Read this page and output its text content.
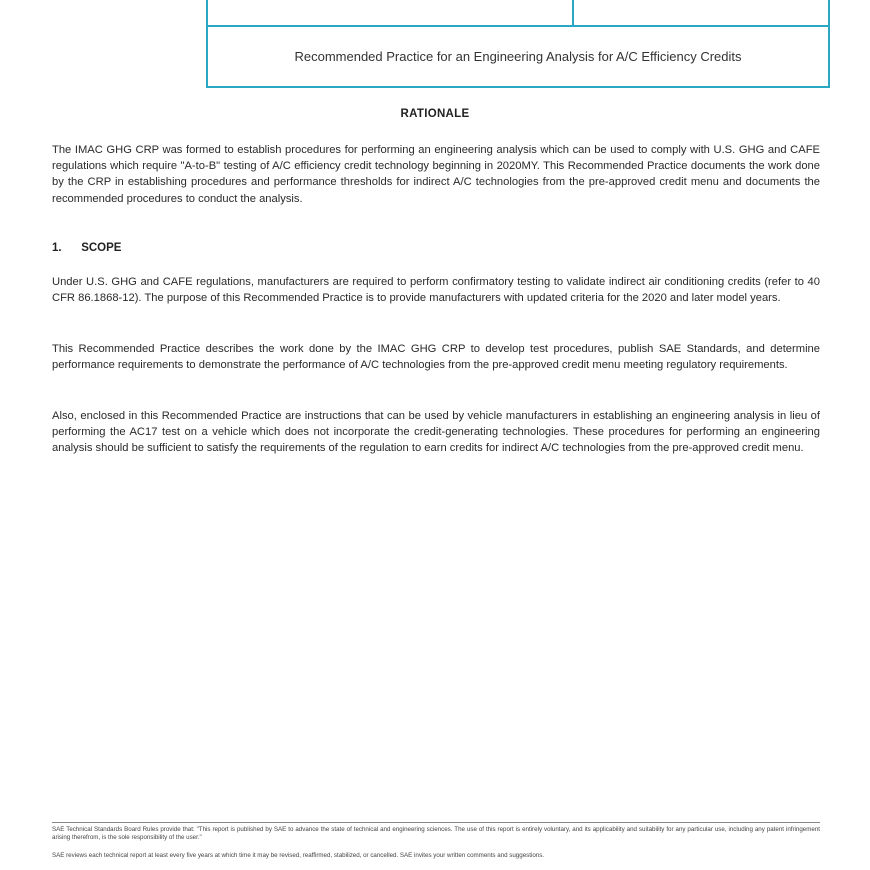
Recommended Practice for an Engineering Analysis for A/C Efficiency Credits
RATIONALE

The IMAC GHG CRP was formed to establish procedures for performing an engineering analysis which can be used to comply with U.S. GHG and CAFE regulations which require "A-to-B" testing of A/C efficiency credit technology beginning in 2020MY. This Recommended Practice documents the work done by the CRP in establishing procedures and performance thresholds for indirect A/C technologies from the pre-approved credit menu and documents the recommended procedures to conduct the analysis.

1. SCOPE

Under U.S. GHG and CAFE regulations, manufacturers are required to perform confirmatory testing to validate indirect air conditioning credits (refer to 40 CFR 86.1868-12). The purpose of this Recommended Practice is to provide manufacturers with updated criteria for the 2020 and later model years.

This Recommended Practice describes the work done by the IMAC GHG CRP to develop test procedures, publish SAE Standards, and determine performance requirements to demonstrate the performance of A/C technologies from the pre-approved credit menu meeting regulatory requirements.

Also, enclosed in this Recommended Practice are instructions that can be used by vehicle manufacturers in establishing an engineering analysis in lieu of performing the AC17 test on a vehicle which does not incorporate the credit-generating technologies. These procedures for performing an engineering analysis should be sufficient to satisfy the requirements of the regulation to earn credits for indirect A/C technologies from the pre-approved credit menu.

SAE Technical Standards Board Rules provide that: "This report is published by SAE to advance the state of technical and engineering sciences. The use of this report is entirely voluntary, and its applicability and suitability for any particular use, including any patent infringement arising therefrom, is the sole responsibility of the user."

SAE reviews each technical report at least every five years at which time it may be revised, reaffirmed, stabilized, or cancelled. SAE invites your written comments and suggestions.
